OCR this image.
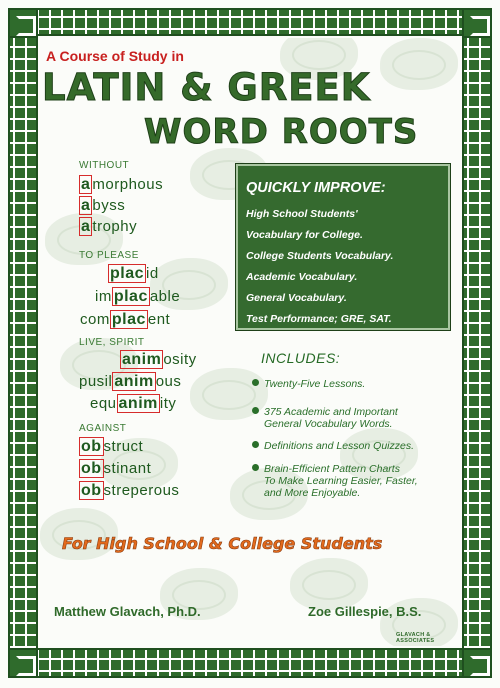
A Course of Study in
LATIN & GREEK
WORD ROOTS
WITHOUT
a morphous
a byss
a trophy
TO PLEASE
plac id
im plac able
com plac ent
LIVE, SPIRIT
anim osity
pusil anim ous
equ anim ity
AGAINST
ob struct
ob stinant
ob streperous
QUICKLY IMPROVE:
High School Students'
Vocabulary for College.
College Students Vocabulary.
Academic Vocabulary.
General Vocabulary.
Test Performance; GRE, SAT.
INCLUDES:
Twenty-Five Lessons.
375 Academic and Important
General Vocabulary Words.
Definitions and Lesson Quizzes.
Brain-Efficient Pattern Charts
To Make Learning Easier, Faster,
and More Enjoyable.
For High School & College Students
Matthew Glavach, Ph.D.	Zoe Gillespie, B.S.
GLAVACH & ASSOCIATES
